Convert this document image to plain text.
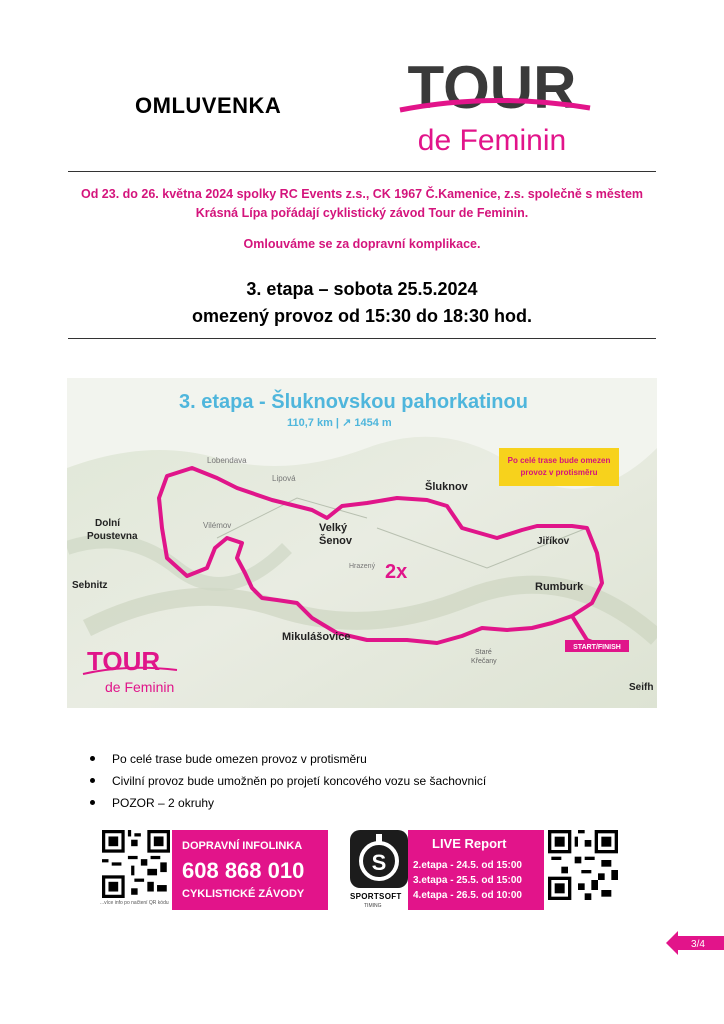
OMLUVENKA TOUR
de Feminin
Od 23. do 26. května 2024 spolky RC Events z.s., CK 1967 Č.Kamenice, z.s. společně s městem
Krásná Lípa pořádají cyklistický závod Tour de Feminin.
Omlouváme se za dopravní komplikace.
3. etapa – sobota 25.5.2024
omezený provoz od 15:30 do 18:30 hod.
3. etapa - Šluknovskou pahorkatinou
110,7 km | ↗ 1454 m
Po celé trase bude omezen
provoz v protisměru
2x
START/FINISH
Lobendava
Lipová
Šluknov
Dolní
Poustevna
Vilémov	Velký
Šenov	Jiříkov
Sebnitz
Hrazený
Rumburk
Mikulášovice
Staré
Křečany
Seifh
TOUR
de Feminin
Po celé trase bude omezen provoz v protisměru
Civilní provoz bude umožněn po projetí koncového vozu se šachovnicí
POZOR – 2 okruhy
...více info po načtení QR kódu
DOPRAVNÍ INFOLINKA
608 868 010
CYKLISTICKÉ ZÁVODY
S
SPORTSOFT
TIMING
LIVE Report
2.etapa - 24.5. od 15:00
3.etapa - 25.5. od 15:00
4.etapa - 26.5. od 10:00
3/4
